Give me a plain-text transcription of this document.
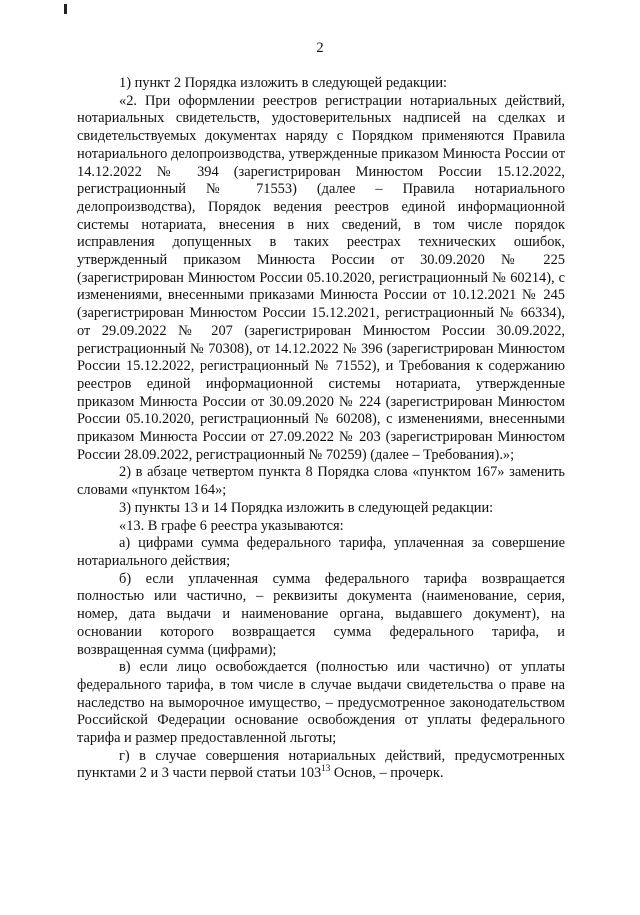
2

1) пункт 2 Порядка изложить в следующей редакции:

«2. При оформлении реестров регистрации нотариальных действий, нотариальных свидетельств, удостоверительных надписей на сделках и свидетельствуемых документах наряду с Порядком применяются Правила нотариального делопроизводства, утвержденные приказом Минюста России от 14.12.2022 № 394 (зарегистрирован Минюстом России 15.12.2022, регистрационный № 71553) (далее – Правила нотариального делопроизводства), Порядок ведения реестров единой информационной системы нотариата, внесения в них сведений, в том числе порядок исправления допущенных в таких реестрах технических ошибок, утвержденный приказом Минюста России от 30.09.2020 № 225 (зарегистрирован Минюстом России 05.10.2020, регистрационный № 60214), с изменениями, внесенными приказами Минюста России от 10.12.2021 № 245 (зарегистрирован Минюстом России 15.12.2021, регистрационный № 66334), от 29.09.2022 № 207 (зарегистрирован Минюстом России 30.09.2022, регистрационный № 70308), от 14.12.2022 № 396 (зарегистрирован Минюстом России 15.12.2022, регистрационный № 71552), и Требования к содержанию реестров единой информационной системы нотариата, утвержденные приказом Минюста России от 30.09.2020 № 224 (зарегистрирован Минюстом России 05.10.2020, регистрационный № 60208), с изменениями, внесенными приказом Минюста России от 27.09.2022 № 203 (зарегистрирован Минюстом России 28.09.2022, регистрационный № 70259) (далее – Требования).»;

2) в абзаце четвертом пункта 8 Порядка слова «пунктом 167» заменить словами «пунктом 164»;

3) пункты 13 и 14 Порядка изложить в следующей редакции:

«13. В графе 6 реестра указываются:

а) цифрами сумма федерального тарифа, уплаченная за совершение нотариального действия;

б) если уплаченная сумма федерального тарифа возвращается полностью или частично, – реквизиты документа (наименование, серия, номер, дата выдачи и наименование органа, выдавшего документ), на основании которого возвращается сумма федерального тарифа, и возвращенная сумма (цифрами);

в) если лицо освобождается (полностью или частично) от уплаты федерального тарифа, в том числе в случае выдачи свидетельства о праве на наследство на выморочное имущество, – предусмотренное законодательством Российской Федерации основание освобождения от уплаты федерального тарифа и размер предоставленной льготы;

г) в случае совершения нотариальных действий, предусмотренных пунктами 2 и 3 части первой статьи $103^{13}$ Основ, – прочерк.
